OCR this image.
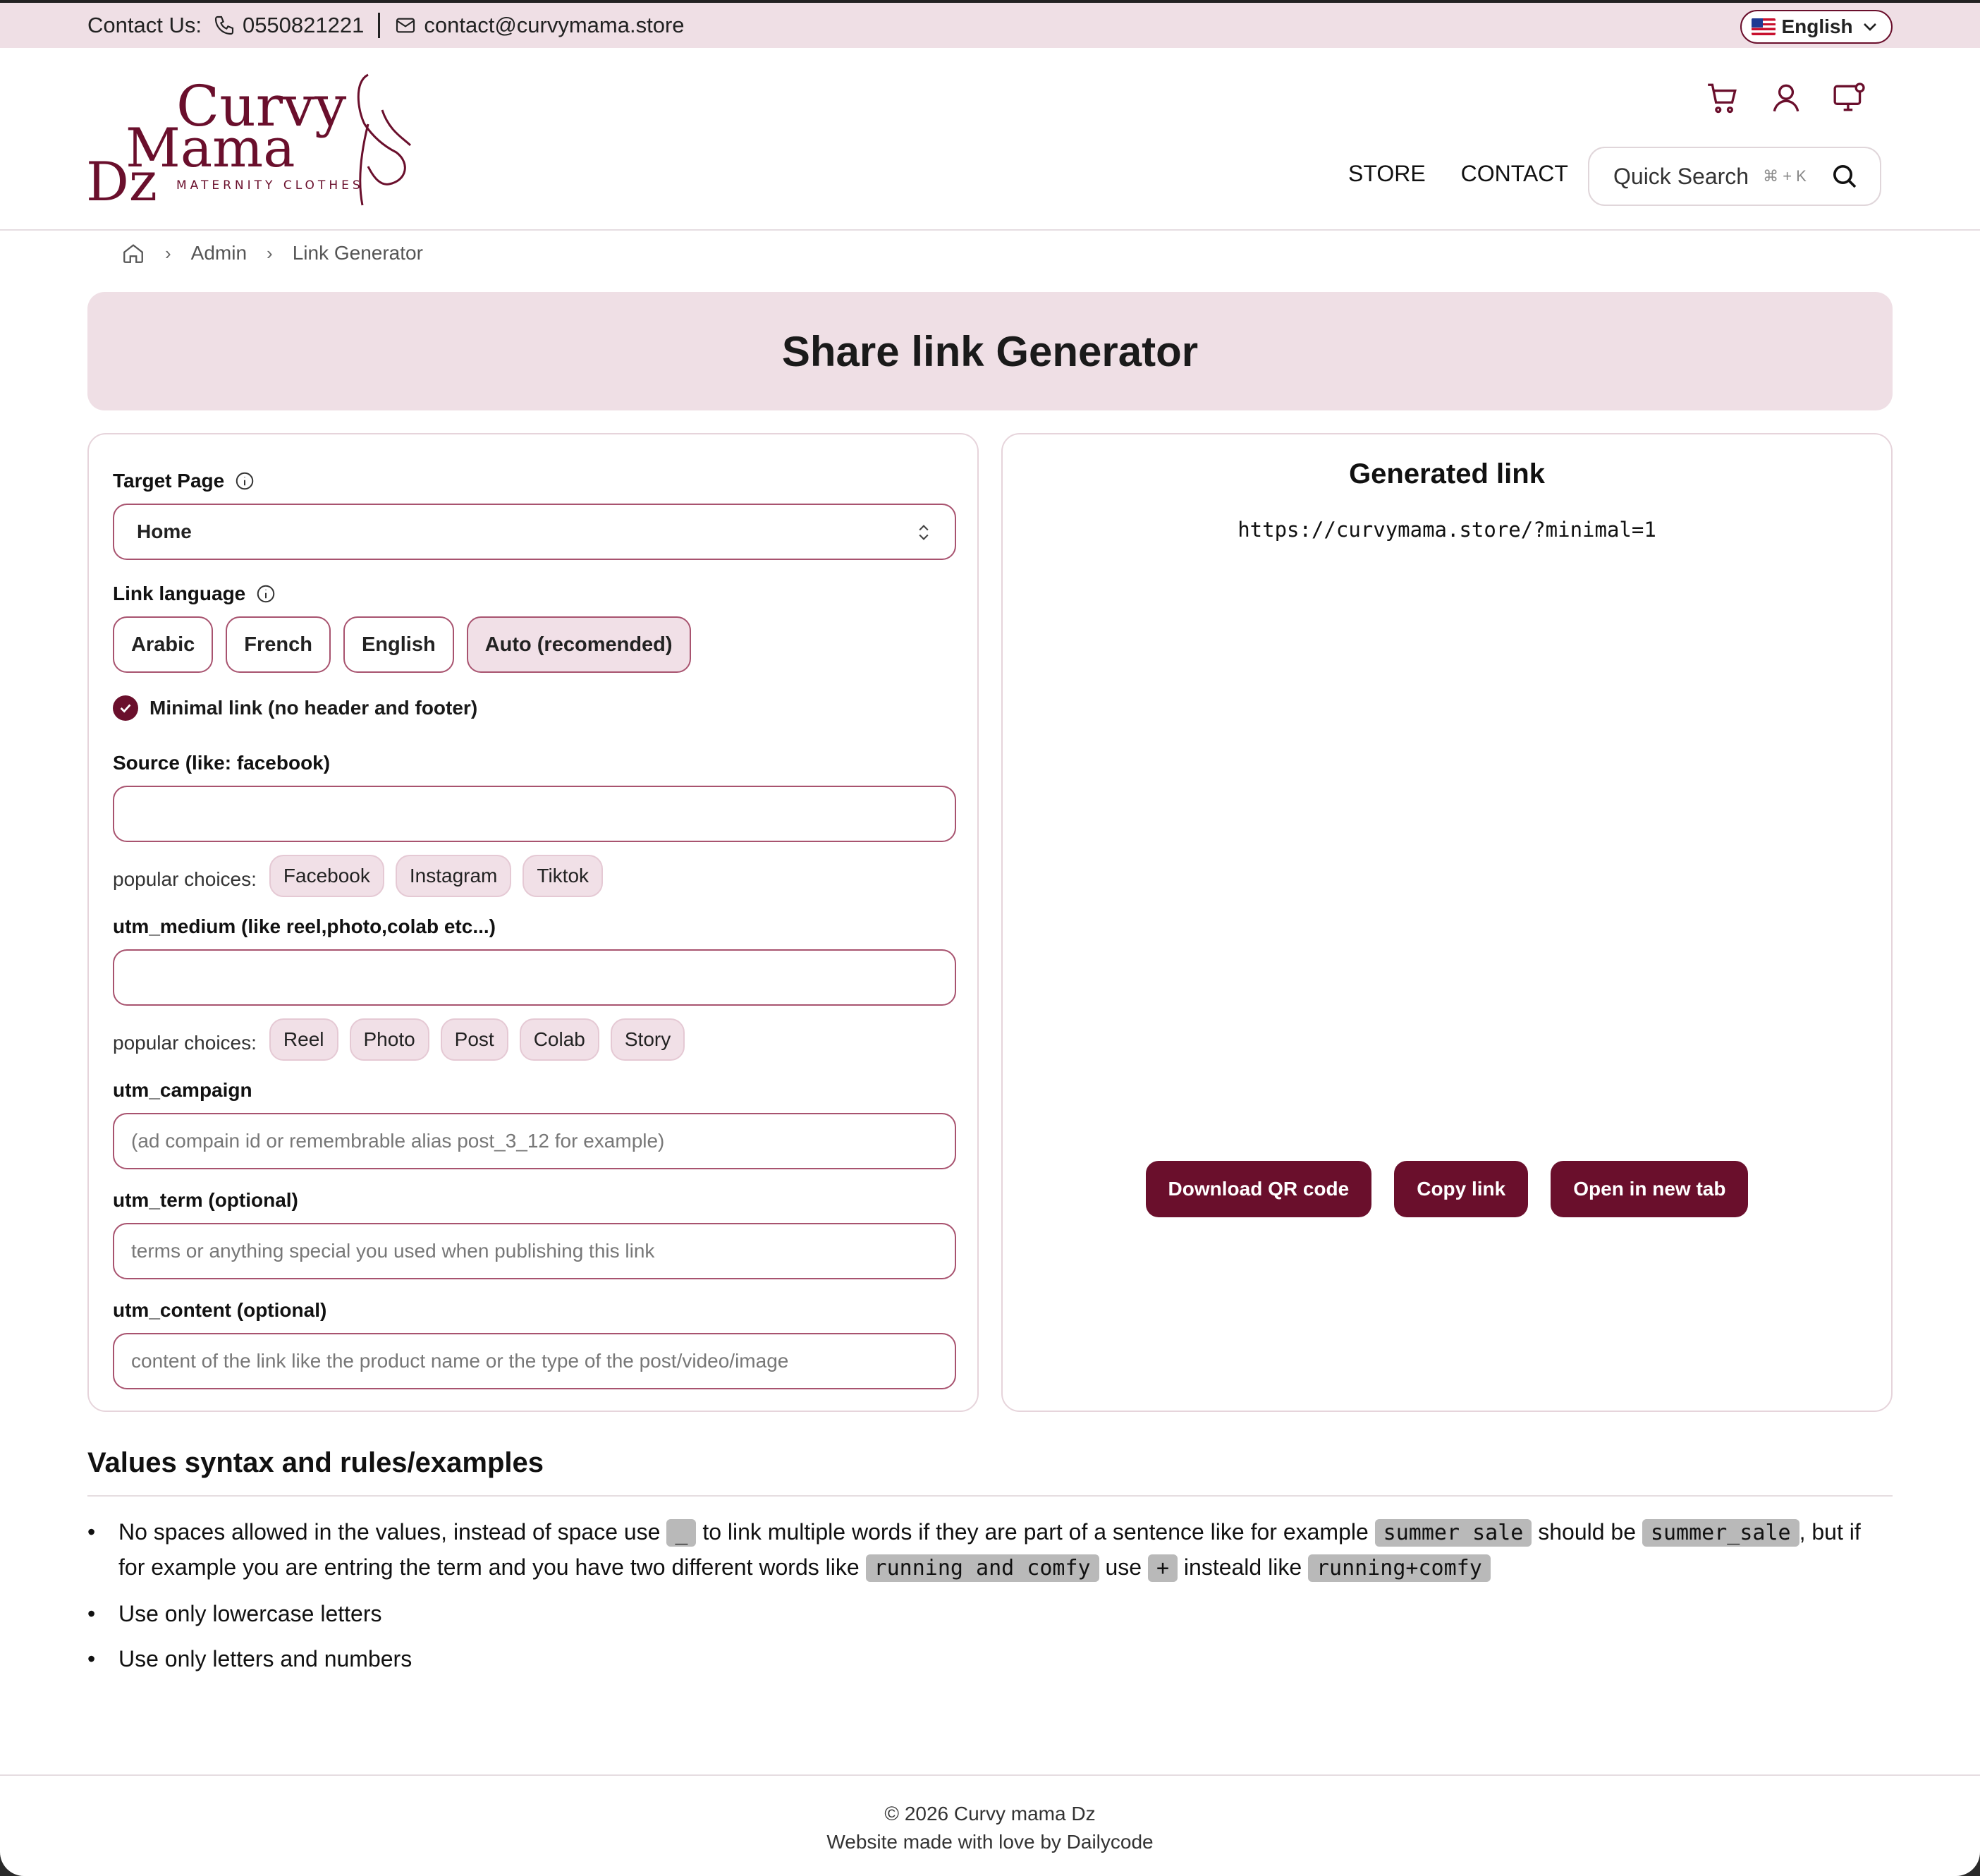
Contact Us: 0550821221	contact@curvymama.store	English
Curvy
Mama
Dz MATERNITY CLOTHES	STORE CONTACT Quick Search ⌘ + K
› Admin › Link Generator
Share link Generator
Target Page
Home
Link language
Arabic	French	English	Auto (recomended)
Minimal link (no header and footer)
Source (like: facebook)
popular choices:	Facebook	Instagram	Tiktok
utm_medium (like reel,photo,colab etc...)
popular choices:	Reel	Photo	Post	Colab	Story
utm_campaign
(ad compain id or remembrable alias post_3_12 for example)
utm_term (optional)
terms or anything special you used when publishing this link
utm_content (optional)
content of the link like the product name or the type of the post/video/image
Generated link
https://curvymama.store/?minimal=1
Download QR code	Copy link	Open in new tab
Values syntax and rules/examples
• No spaces allowed in the values, instead of space use _ to link multiple words if they are part of a sentence like for example summer sale should be summer_sale , but if for example you are entring the term and you have two different words like running and comfy use + insteald like running+comfy
• Use only lowercase letters
• Use only letters and numbers
© 2026 Curvy mama Dz
Website made with love by Dailycode
